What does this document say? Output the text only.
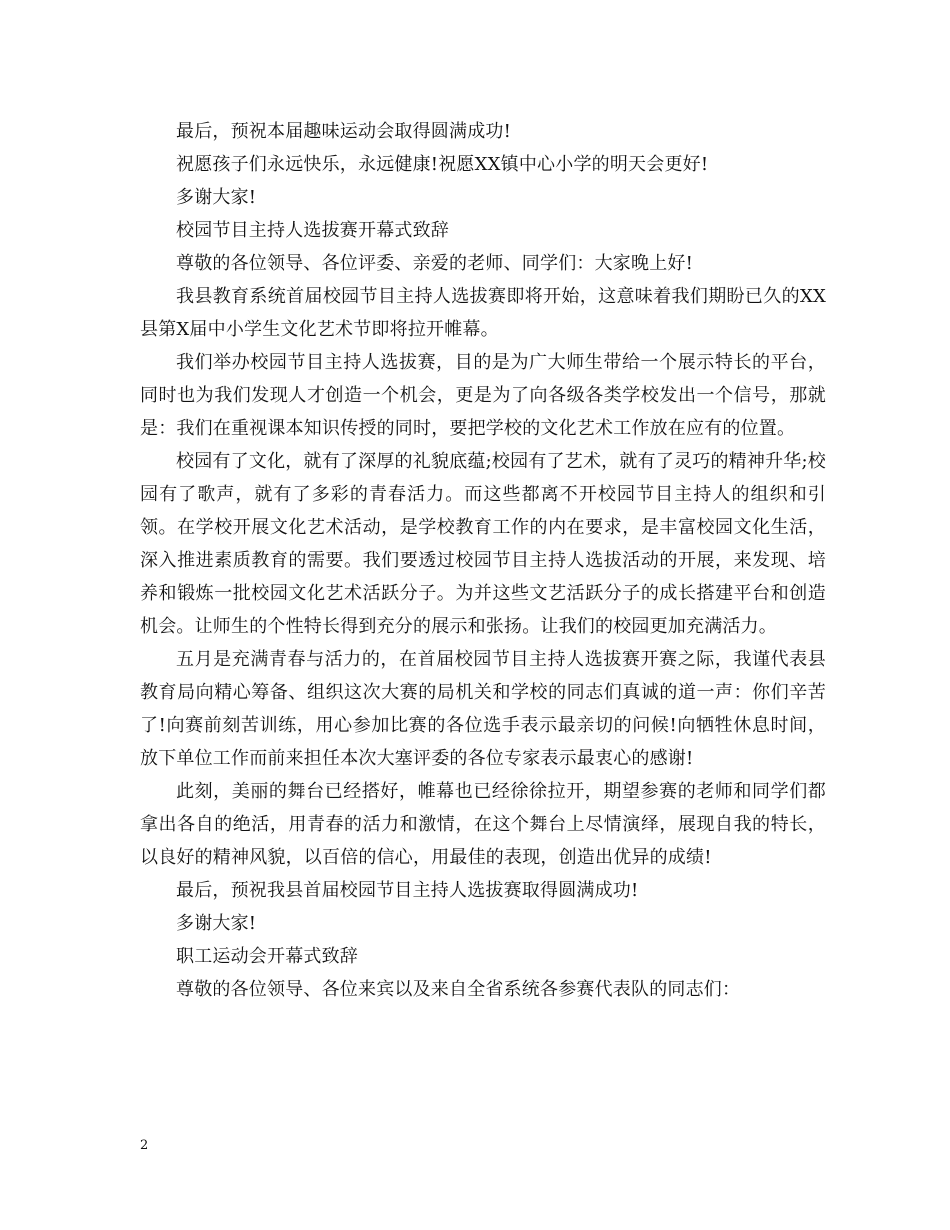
最后，预祝本届趣味运动会取得圆满成功!

祝愿孩子们永远快乐，永远健康!祝愿XX镇中心小学的明天会更好!

多谢大家!

校园节目主持人选拔赛开幕式致辞

尊敬的各位领导、各位评委、亲爱的老师、同学们：大家晚上好!

我县教育系统首届校园节目主持人选拔赛即将开始，这意味着我们期盼已久的XX县第X届中小学生文化艺术节即将拉开帷幕。

我们举办校园节目主持人选拔赛，目的是为广大师生带给一个展示特长的平台，同时也为我们发现人才创造一个机会，更是为了向各级各类学校发出一个信号，那就是：我们在重视课本知识传授的同时，要把学校的文化艺术工作放在应有的位置。

校园有了文化，就有了深厚的礼貌底蕴;校园有了艺术，就有了灵巧的精神升华;校园有了歌声，就有了多彩的青春活力。而这些都离不开校园节目主持人的组织和引领。在学校开展文化艺术活动，是学校教育工作的内在要求，是丰富校园文化生活，深入推进素质教育的需要。我们要透过校园节目主持人选拔活动的开展，来发现、培养和锻炼一批校园文化艺术活跃分子。为并这些文艺活跃分子的成长搭建平台和创造机会。让师生的个性特长得到充分的展示和张扬。让我们的校园更加充满活力。

五月是充满青春与活力的，在首届校园节目主持人选拔赛开赛之际，我谨代表县教育局向精心筹备、组织这次大赛的局机关和学校的同志们真诚的道一声：你们辛苦了!向赛前刻苦训练，用心参加比赛的各位选手表示最亲切的问候!向牺牲休息时间，放下单位工作而前来担任本次大塞评委的各位专家表示最衷心的感谢!

此刻，美丽的舞台已经搭好，帷幕也已经徐徐拉开，期望参赛的老师和同学们都拿出各自的绝活，用青春的活力和激情，在这个舞台上尽情演绎，展现自我的特长，以良好的精神风貌，以百倍的信心，用最佳的表现，创造出优异的成绩!

最后，预祝我县首届校园节目主持人选拔赛取得圆满成功!

多谢大家!

职工运动会开幕式致辞

尊敬的各位领导、各位来宾以及来自全省系统各参赛代表队的同志们：

2
